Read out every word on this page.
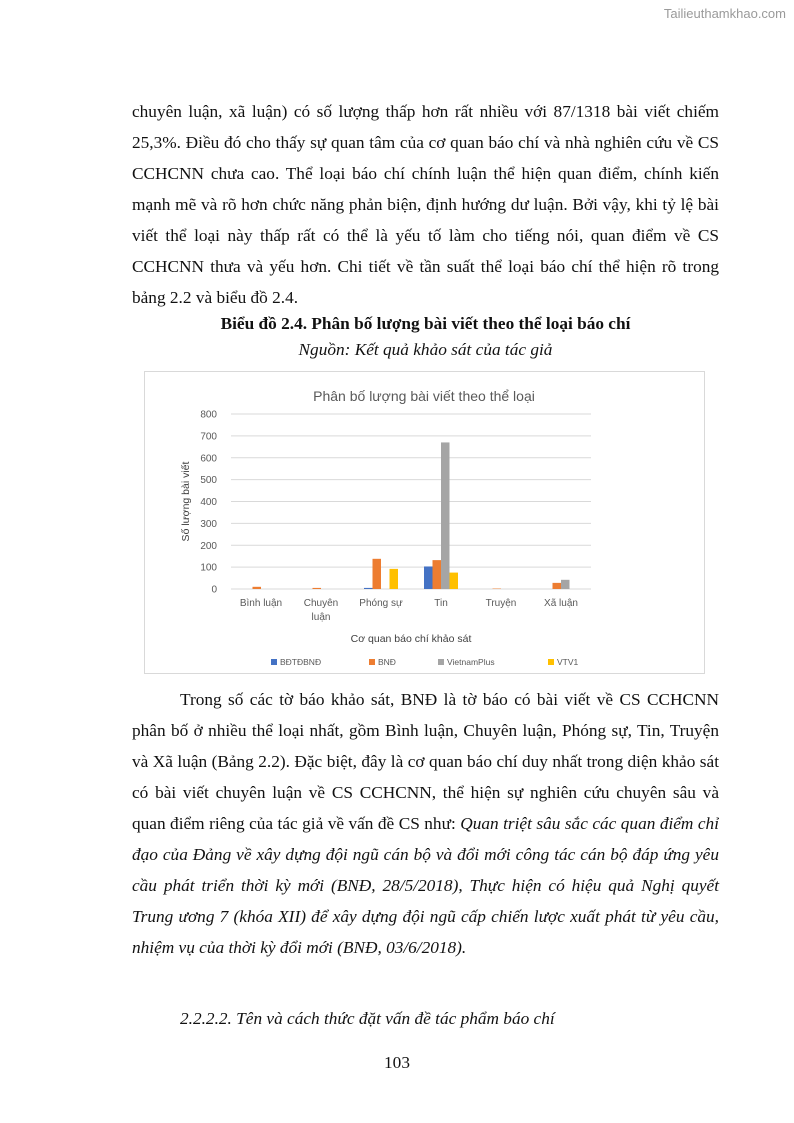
Tailieuthamkhao.com

chuyên luận, xã luận) có số lượng thấp hơn rất nhiều với 87/1318 bài viết chiếm 25,3%. Điều đó cho thấy sự quan tâm của cơ quan báo chí và nhà nghiên cứu về CS CCHCNN chưa cao. Thể loại báo chí chính luận thể hiện quan điểm, chính kiến mạnh mẽ và rõ hơn chức năng phản biện, định hướng dư luận. Bởi vậy, khi tỷ lệ bài viết thể loại này thấp rất có thể là yếu tố làm cho tiếng nói, quan điểm về CS CCHCNN thưa và yếu hơn. Chi tiết về tần suất thể loại báo chí thể hiện rõ trong bảng 2.2 và biểu đồ 2.4.

Biểu đồ 2.4. Phân bố lượng bài viết theo thể loại báo chí

Nguồn: Kết quả khảo sát của tác giả

Phân bố lượng bài viết theo thể loại
0
100
200
300
400
500
600
700
800
Số lượng bài viết
Bình luận Chuyên
luận
Phóng sự	Tin	Truyện	Xã luận
Cơ quan báo chí khảo sát
BĐTĐBNĐ	BNĐ	VietnamPlus	VTV1

Trong số các tờ báo khảo sát, BNĐ là tờ báo có bài viết về CS CCHCNN phân bố ở nhiều thể loại nhất, gồm Bình luận, Chuyên luận, Phóng sự, Tin, Truyện và Xã luận (Bảng 2.2). Đặc biệt, đây là cơ quan báo chí duy nhất trong diện khảo sát có bài viết chuyên luận về CS CCHCNN, thể hiện sự nghiên cứu chuyên sâu và quan điểm riêng của tác giả về vấn đề CS như: Quan triệt sâu sắc các quan điểm chỉ đạo của Đảng về xây dựng đội ngũ cán bộ và đổi mới công tác cán bộ đáp ứng yêu cầu phát triển thời kỳ mới (BNĐ, 28/5/2018), Thực hiện có hiệu quả Nghị quyết Trung ương 7 (khóa XII) để xây dựng đội ngũ cấp chiến lược xuất phát từ yêu cầu, nhiệm vụ của thời kỳ đổi mới (BNĐ, 03/6/2018).

2.2.2.2. Tên và cách thức đặt vấn đề tác phẩm báo chí

103
